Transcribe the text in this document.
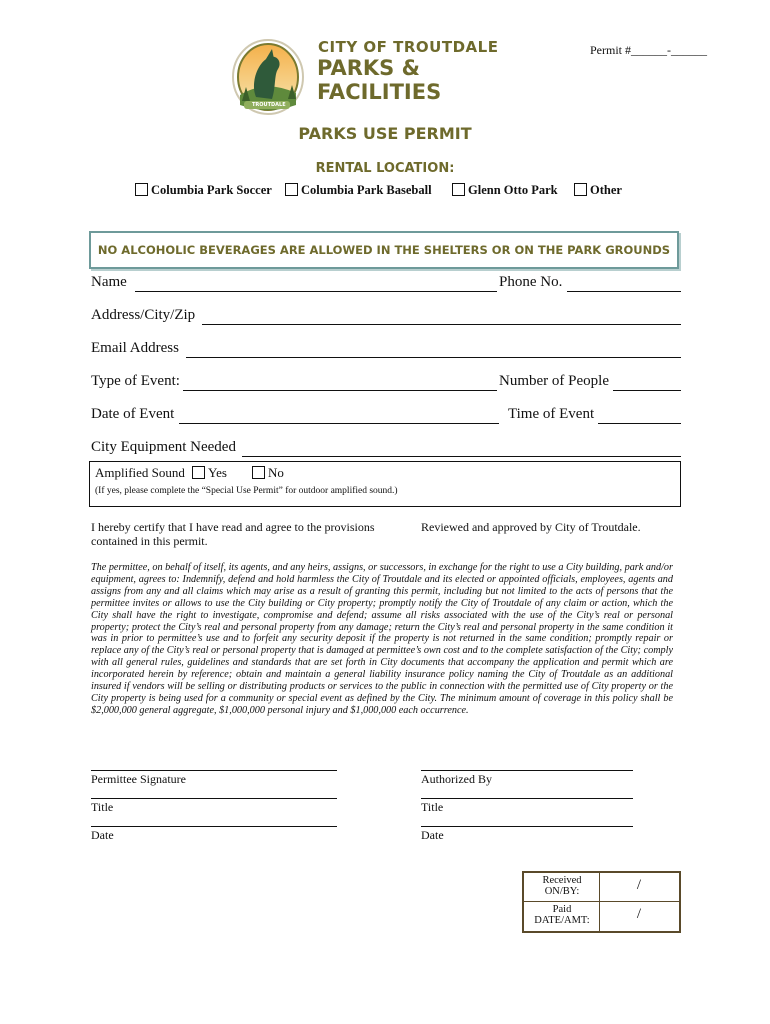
Permit #______-______
TROUTDALE
CITY OF TROUTDALE
PARKS &
FACILITIES
PARKS USE PERMIT
RENTAL LOCATION:
Columbia Park Soccer	Columbia Park Baseball	Glenn Otto Park	Other
NO ALCOHOLIC BEVERAGES ARE ALLOWED IN THE SHELTERS OR ON THE PARK GROUNDS
Name	Phone No.
Address/City/Zip
Email Address
Type of Event:	Number of People
Date of Event	Time of Event
City Equipment Needed
Amplified Sound	Yes	No
(If yes, please complete the “Special Use Permit” for outdoor amplified sound.)
I hereby certify that I have read and agree to the provisions contained in this permit.
Reviewed and approved by City of Troutdale.
The permittee, on behalf of itself, its agents, and any heirs, assigns, or successors, in exchange for the right to use a City building, park and/or equipment, agrees to: Indemnify, defend and hold harmless the City of Troutdale and its elected or appointed officials, employees, agents and assigns from any and all claims which may arise as a result of granting this permit, including but not limited to the acts of persons that the permittee invites or allows to use the City building or City property; promptly notify the City of Troutdale of any claim or action, which the City shall have the right to investigate, compromise and defend; assume all risks associated with the use of the City’s real or personal property; protect the City’s real and personal property from any damage; return the City’s real and personal property in the same condition it was in prior to permittee’s use and to forfeit any security deposit if the property is not returned in the same condition; promptly repair or replace any of the City’s real or personal property that is damaged at permittee’s own cost and to the complete satisfaction of the City; comply with all general rules, guidelines and standards that are set forth in City documents that accompany the application and permit which are incorporated herein by reference; obtain and maintain a general liability insurance policy naming the City of Troutdale as an additional insured if vendors will be selling or distributing products or services to the public in connection with the permitted use of City property or the City property is being used for a community or special event as defined by the City. The minimum amount of coverage in this policy shall be $2,000,000 general aggregate, $1,000,000 personal injury and $1,000,000 each occurrence.
Permittee Signature
Title
Date
Authorized By
Title
Date
Received ON/BY:	/
Paid DATE/AMT:	/
